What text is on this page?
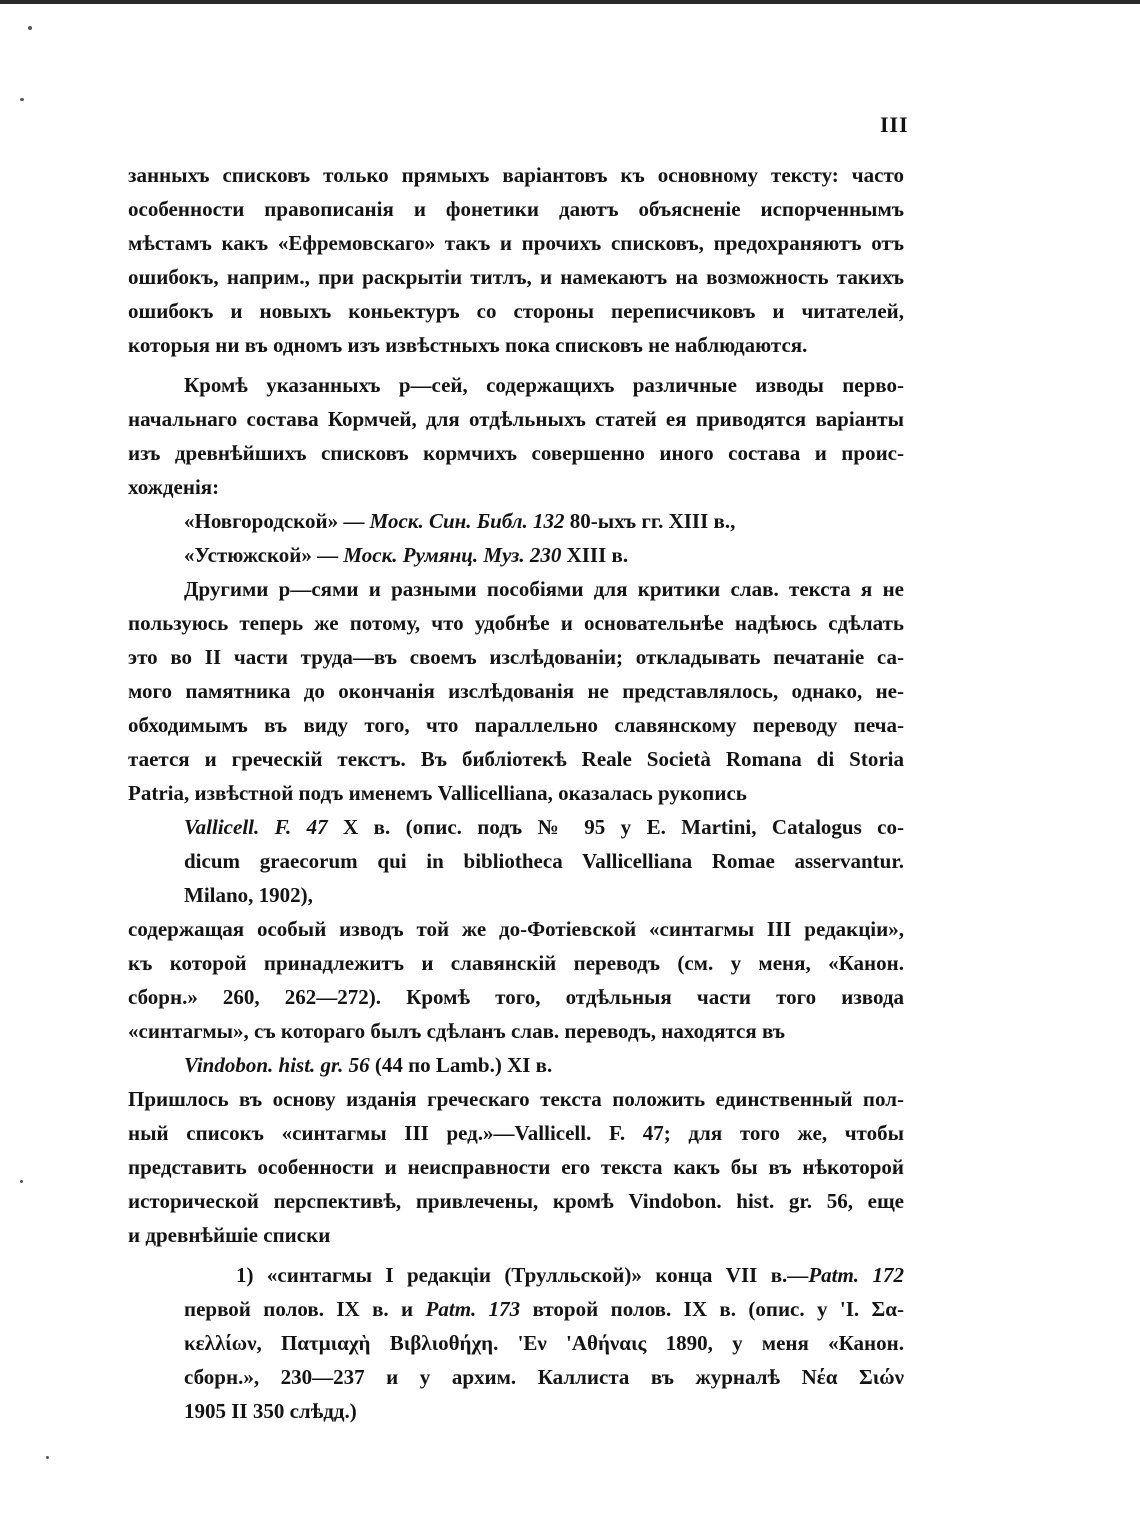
III
занныхъ списковъ только прямыхъ варіантовъ къ основному тексту: часто
особенности правописанія и фонетики даютъ объясненіе испорченнымъ
мѣстамъ какъ «Ефремовскаго» такъ и прочихъ списковъ, предохраняютъ отъ
ошибокъ, наприм., при раскрытіи титлъ, и намекаютъ на возможность такихъ
ошибокъ и новыхъ коньектуръ со стороны переписчиковъ и читателей,
которыя ни въ одномъ изъ извѣстныхъ пока списковъ не наблюдаются.
Кромѣ указанныхъ р—сей, содержащихъ различные изводы перво-
начальнаго состава Кормчей, для отдѣльныхъ статей ея приводятся варіанты
изъ древнѣйшихъ списковъ кормчихъ совершенно иного состава и проис-
хожденія:
«Новгородской» — Моск. Син. Библ. 132 80-ыхъ гг. XIII в.,
«Устюжской» — Моск. Румянц. Муз. 230 XIII в.
Другими р—сями и разными пособіями для критики слав. текста я не
пользуюсь теперь же потому, что удобнѣе и основательнѣе надѣюсь сдѣлать
это во II части труда—въ своемъ изслѣдованіи; откладывать печатаніе са-
мого памятника до окончанія изслѣдованія не представлялось, однако, не-
обходимымъ въ виду того, что параллельно славянскому переводу печа-
тается и греческій текстъ. Въ библіотекѣ Reale Società Romana di Storia
Patria, извѣстной подъ именемъ Vallicelliana, оказалась рукопись
Vallicell. F. 47 X в. (опис. подъ № 95 у E. Martini, Catalogus co-
dicum graecorum qui in bibliotheca Vallicelliana Romae asservantur.
Milano, 1902),
содержащая особый изводъ той же до-Фотіевской «синтагмы III редакціи»,
къ которой принадлежитъ и славянскій переводъ (см. у меня, «Канон.
сборн.» 260, 262—272). Кромѣ того, отдѣльныя части того извода
«синтагмы», съ котораго былъ сдѣланъ слав. переводъ, находятся въ
Vindobon. hist. gr. 56 (44 по Lamb.) XI в.
Пришлось въ основу изданія греческаго текста положить единственный пол-
ный списокъ «синтагмы III ред.»—Vallicell. F. 47; для того же, чтобы
представить особенности и неисправности его текста какъ бы въ нѣкоторой
исторической перспективѣ, привлечены, кромѣ Vindobon. hist. gr. 56, еще
и древнѣйшіе списки
1) «синтагмы I редакціи (Трулльской)» конца VII в.—Patm. 172
первой полов. IX в. и Patm. 173 второй полов. IX в. (опис. у 'I. Σα-
κελλίων, Πατμιαχὴ Βιβλιοθήχη. 'Εν 'Αθήναις 1890, у меня «Канон.
сборн.», 230—237 и у архим. Каллиста въ журналѣ Νέα Σιών
1905 II 350 слѣдд.)
